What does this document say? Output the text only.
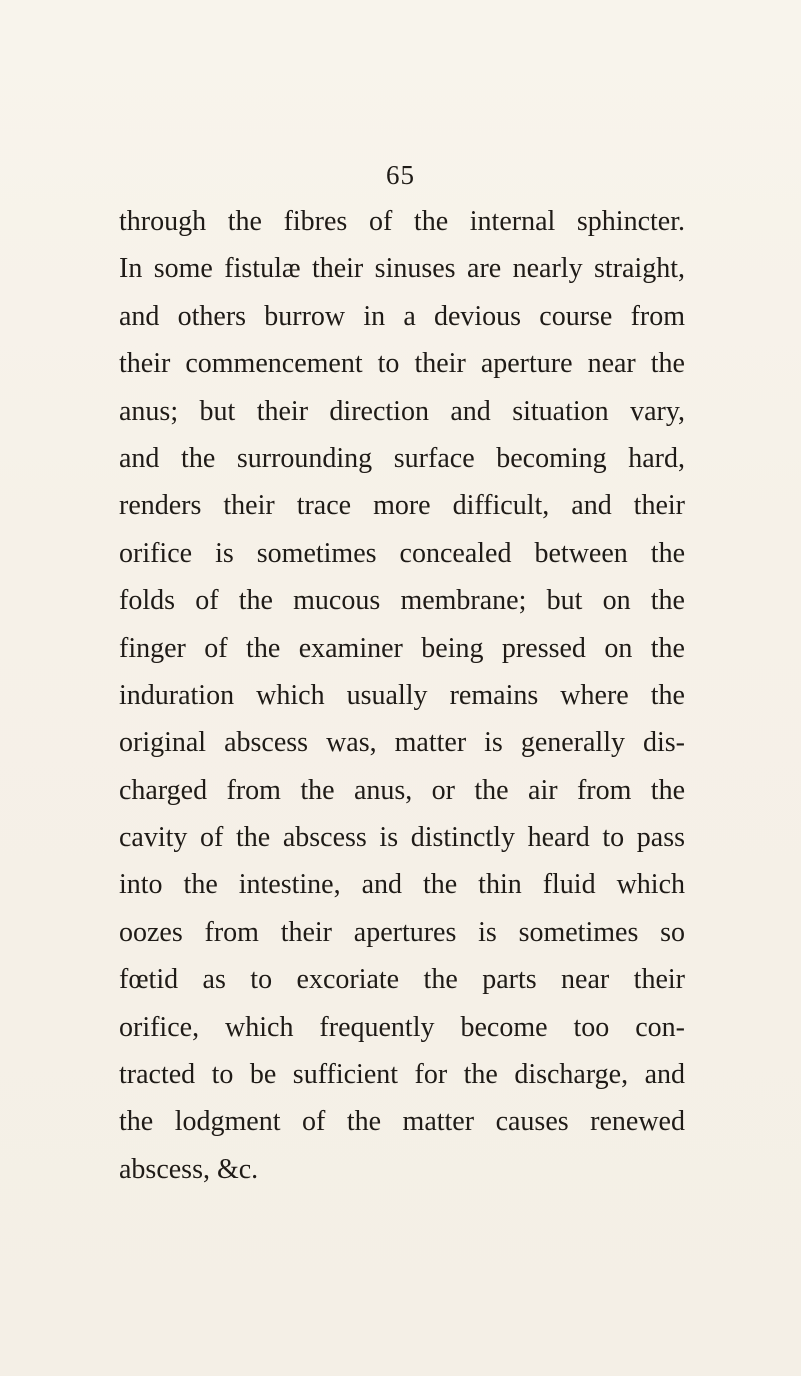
65
through the fibres of the internal sphincter.
In some fistulæ their sinuses are nearly straight,
and others burrow in a devious course from
their commencement to their aperture near the
anus; but their direction and situation vary,
and the surrounding surface becoming hard,
renders their trace more difficult, and their
orifice is sometimes concealed between the
folds of the mucous membrane; but on the
finger of the examiner being pressed on the
induration which usually remains where the
original abscess was, matter is generally dis-
charged from the anus, or the air from the
cavity of the abscess is distinctly heard to pass
into the intestine, and the thin fluid which
oozes from their apertures is sometimes so
fœtid as to excoriate the parts near their
orifice, which frequently become too con-
tracted to be sufficient for the discharge, and
the lodgment of the matter causes renewed
abscess, &c.
